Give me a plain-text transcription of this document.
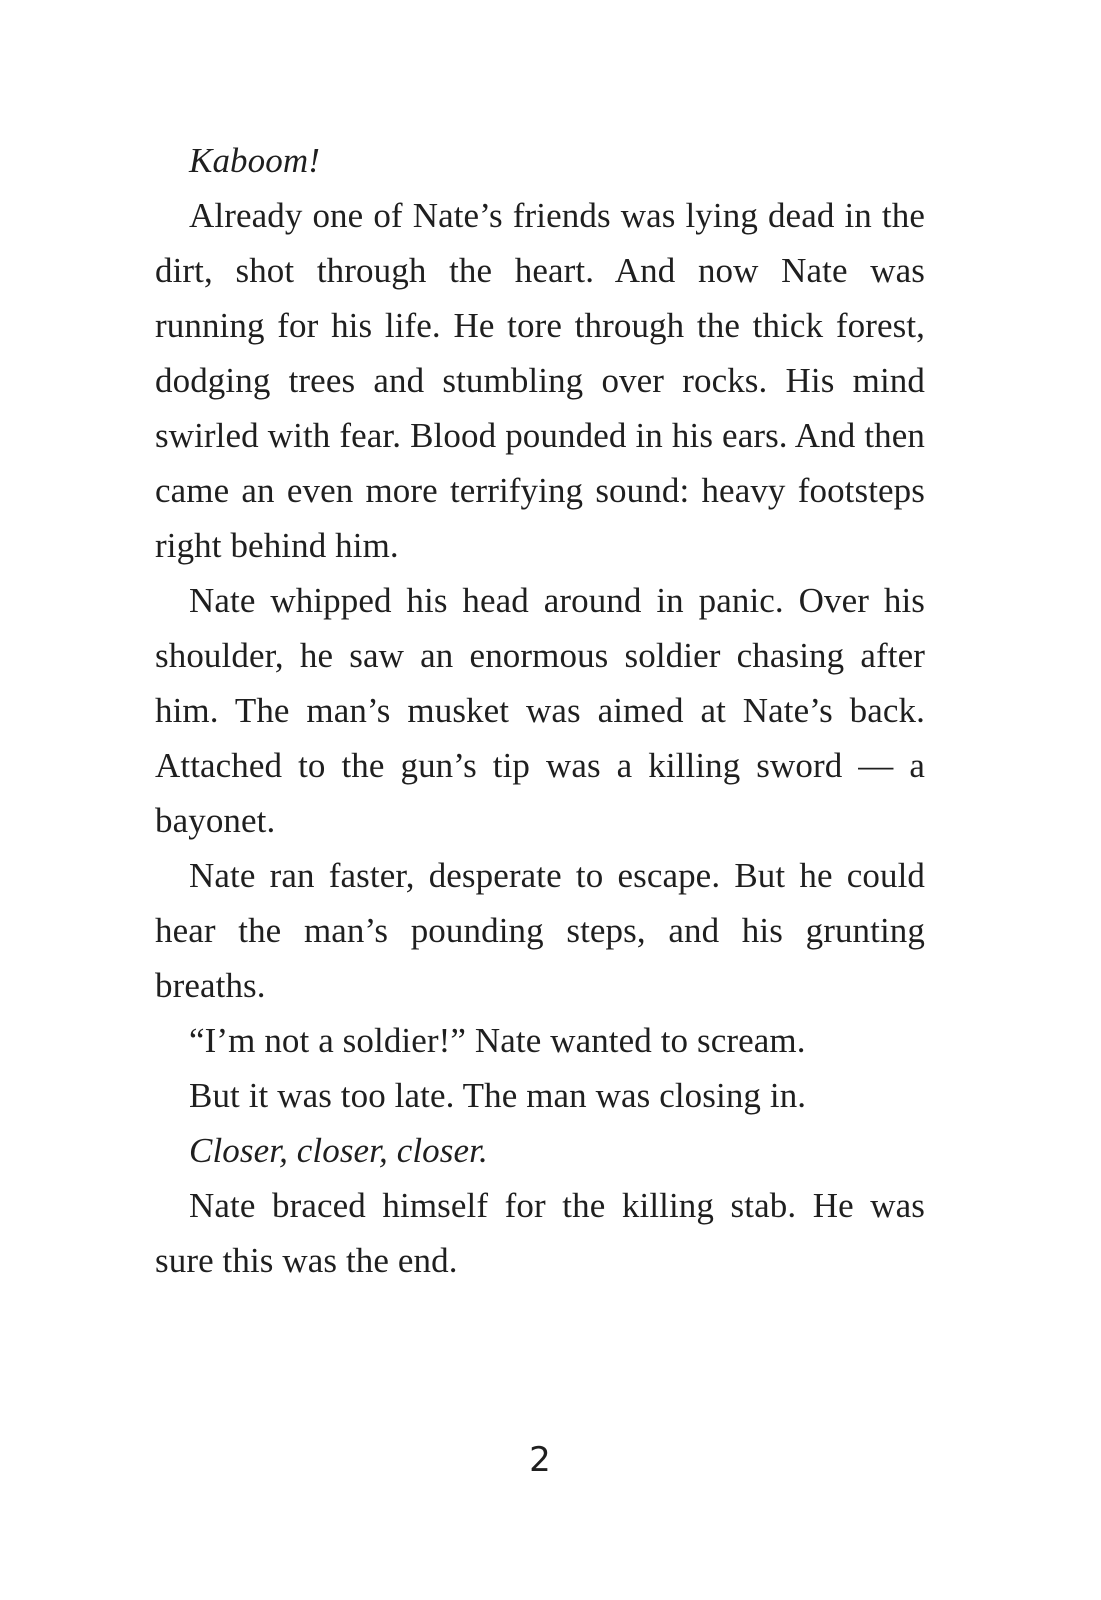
Kaboom!

Already one of Nate’s friends was lying dead in the dirt, shot through the heart. And now Nate was running for his life. He tore through the thick forest, dodging trees and stumbling over rocks. His mind swirled with fear. Blood pounded in his ears. And then came an even more terrifying sound: heavy footsteps right behind him.

Nate whipped his head around in panic. Over his shoulder, he saw an enormous soldier chasing after him. The man’s musket was aimed at Nate’s back. Attached to the gun’s tip was a killing sword — a bayonet.

Nate ran faster, desperate to escape. But he could hear the man’s pounding steps, and his grunting breaths.

“I’m not a soldier!” Nate wanted to scream.

But it was too late. The man was closing in.

Closer, closer, closer.

Nate braced himself for the killing stab. He was sure this was the end.

2
